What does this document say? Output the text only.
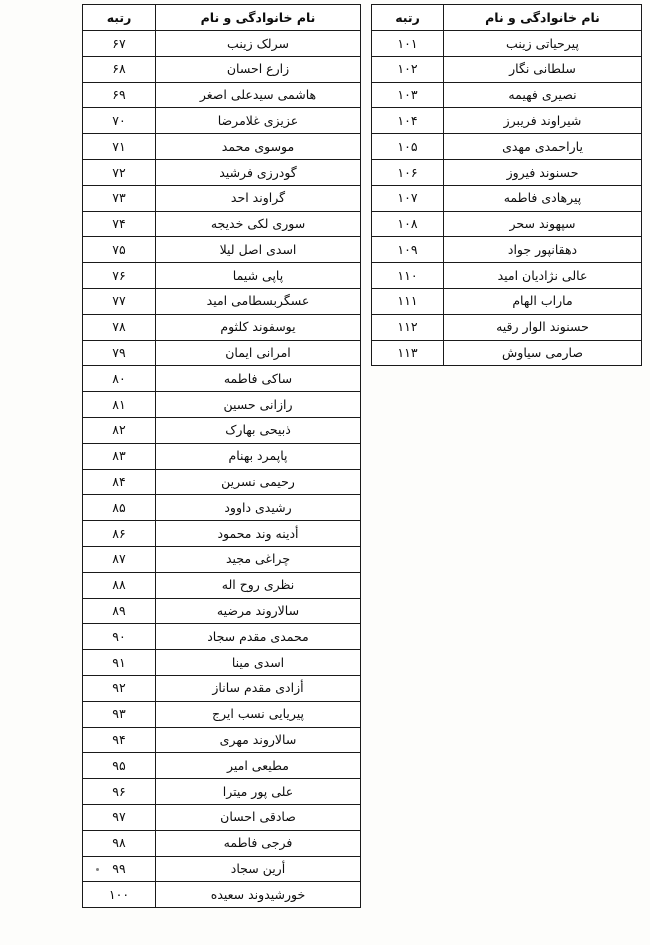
نام خانوادگی و نام	رتبه
پیرحیاتی زینب	۱۰۱
سلطانی نگار	۱۰۲
نصیری فهیمه	۱۰۳
شیراوند فریبرز	۱۰۴
یاراحمدی مهدی	۱۰۵
حسنوند فیروز	۱۰۶
پیرهادی فاطمه	۱۰۷
سپهوند سحر	۱۰۸
دهقانپور جواد	۱۰۹
عالی نژادیان امید	۱۱۰
ماراب الهام	۱۱۱
حسنوند الوار رقیه	۱۱۲
صارمی سیاوش	۱۱۳
نام خانوادگی و نام	رتبه
سرلک زینب	۶۷
زارع احسان	۶۸
هاشمی سیدعلی اصغر	۶۹
عزیزی غلامرضا	۷۰
موسوی محمد	۷۱
گودرزی فرشید	۷۲
گراوند احد	۷۳
سوری لکی خدیجه	۷۴
اسدی اصل لیلا	۷۵
پاپی شیما	۷۶
عسگربسطامی امید	۷۷
یوسفوند کلثوم	۷۸
امرانی ایمان	۷۹
ساکی فاطمه	۸۰
رازانی حسین	۸۱
ذبیحی بهارک	۸۲
پاپمرد بهنام	۸۳
رحیمی نسرین	۸۴
رشیدی داوود	۸۵
أدینه وند محمود	۸۶
چراغی مجید	۸۷
نظری روح اله	۸۸
سالاروند مرضیه	۸۹
محمدی مقدم سجاد	۹۰
اسدی مینا	۹۱
أزادی مقدم ساناز	۹۲
پیریایی نسب ایرج	۹۳
سالاروند مهری	۹۴
مطیعی امیر	۹۵
علی پور میترا	۹۶
صادقی احسان	۹۷
فرجی فاطمه	۹۸
أرین سجاد	۹۹
خورشیدوند سعیده	۱۰۰
